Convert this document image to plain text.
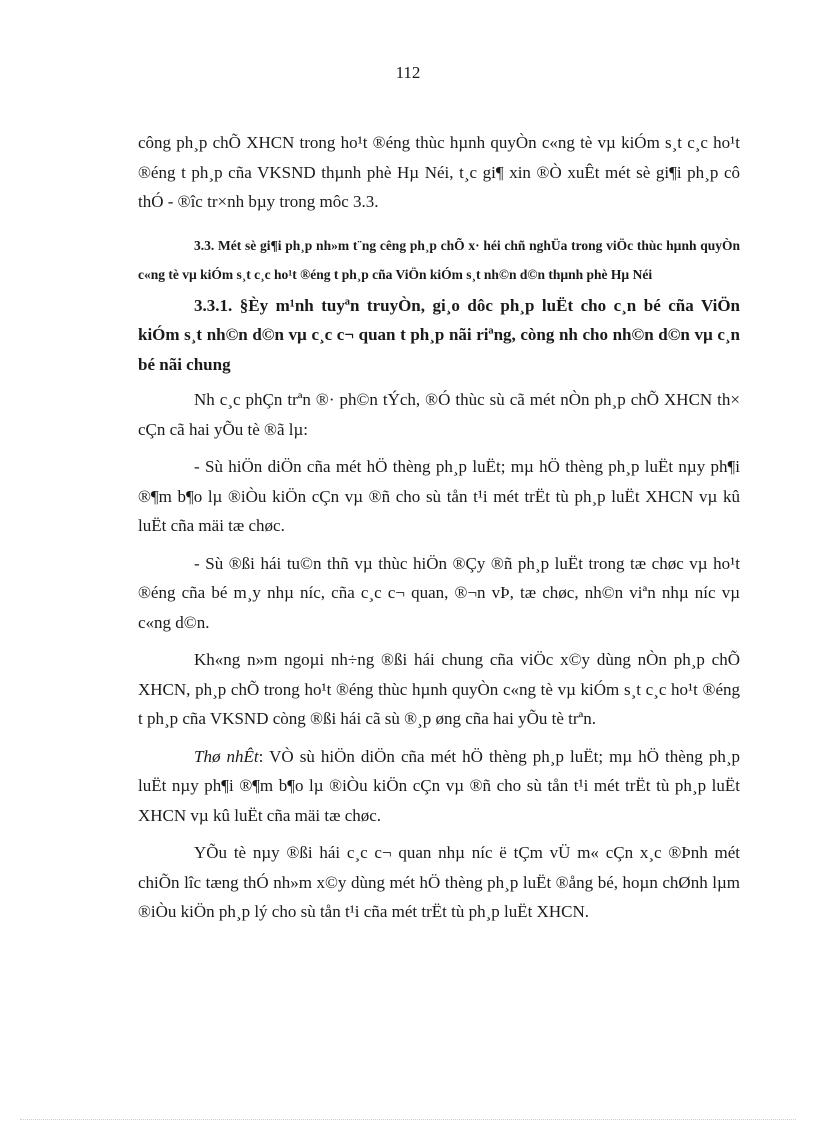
112

công ph¸p chÕ XHCN trong ho¹t ®éng thùc hµnh quyÒn c«ng tè vµ kiÓm s¸t c¸c ho¹t ®éng t ph¸p cña VKSND thµnh phè Hµ Néi, t¸c gi¶ xin ®Ò xuÊt mét sè gi¶i ph¸p cô thÓ - ®îc tr×nh bµy trong môc 3.3.

3.3. Mét sè gi¶i ph¸p nh»m t¨ng cêng ph¸p chÕ x· héi chñ nghÜa trong viÖc thùc hµnh quyÒn c«ng tè vµ kiÓm s¸t c¸c ho¹t ®éng t ph¸p cña ViÖn kiÓm s¸t nh©n d©n thµnh phè Hµ Néi

3.3.1. §Èy m¹nh tuyªn truyÒn, gi¸o dôc ph¸p luËt cho c¸n bé cña ViÖn kiÓm s¸t nh©n d©n vµ c¸c c¬ quan t ph¸p nãi riªng, còng nh cho nh©n d©n vµ c¸n bé nãi chung

Nh c¸c phÇn trªn ®· ph©n tÝch, ®Ó thùc sù cã mét nÒn ph¸p chÕ XHCN th× cÇn cã hai yÕu tè ®ã lµ:

- Sù hiÖn diÖn cña mét hÖ thèng ph¸p luËt; mµ hÖ thèng ph¸p luËt nµy ph¶i ®¶m b¶o lµ ®iÒu kiÖn cÇn vµ ®ñ cho sù tån t¹i mét trËt tù ph¸p luËt XHCN vµ kû luËt cña mäi tæ chøc.

- Sù ®ßi hái tu©n thñ vµ thùc hiÖn ®Çy ®ñ ph¸p luËt trong tæ chøc vµ ho¹t ®éng cña bé m¸y nhµ níc, cña c¸c c¬ quan, ®¬n vÞ, tæ chøc, nh©n viªn nhµ níc vµ c«ng d©n.

Kh«ng n»m ngoµi nh÷ng ®ßi hái chung cña viÖc x©y dùng nÒn ph¸p chÕ XHCN, ph¸p chÕ trong ho¹t ®éng thùc hµnh quyÒn c«ng tè vµ kiÓm s¸t c¸c ho¹t ®éng t ph¸p cña VKSND còng ®ßi hái cã sù ®¸p øng cña hai yÕu tè trªn.

Thø nhÊt: VÒ sù hiÖn diÖn cña mét hÖ thèng ph¸p luËt; mµ hÖ thèng ph¸p luËt nµy ph¶i ®¶m b¶o lµ ®iÒu kiÖn cÇn vµ ®ñ cho sù tån t¹i mét trËt tù ph¸p luËt XHCN vµ kû luËt cña mäi tæ chøc.

YÕu tè nµy ®ßi hái c¸c c¬ quan nhµ níc ë tÇm vÜ m« cÇn x¸c ®Þnh mét chiÕn lîc tæng thÓ nh»m x©y dùng mét hÖ thèng ph¸p luËt ®ång bé, hoµn chØnh lµm ®iÒu kiÖn ph¸p lý cho sù tån t¹i cña mét trËt tù ph¸p luËt XHCN.
